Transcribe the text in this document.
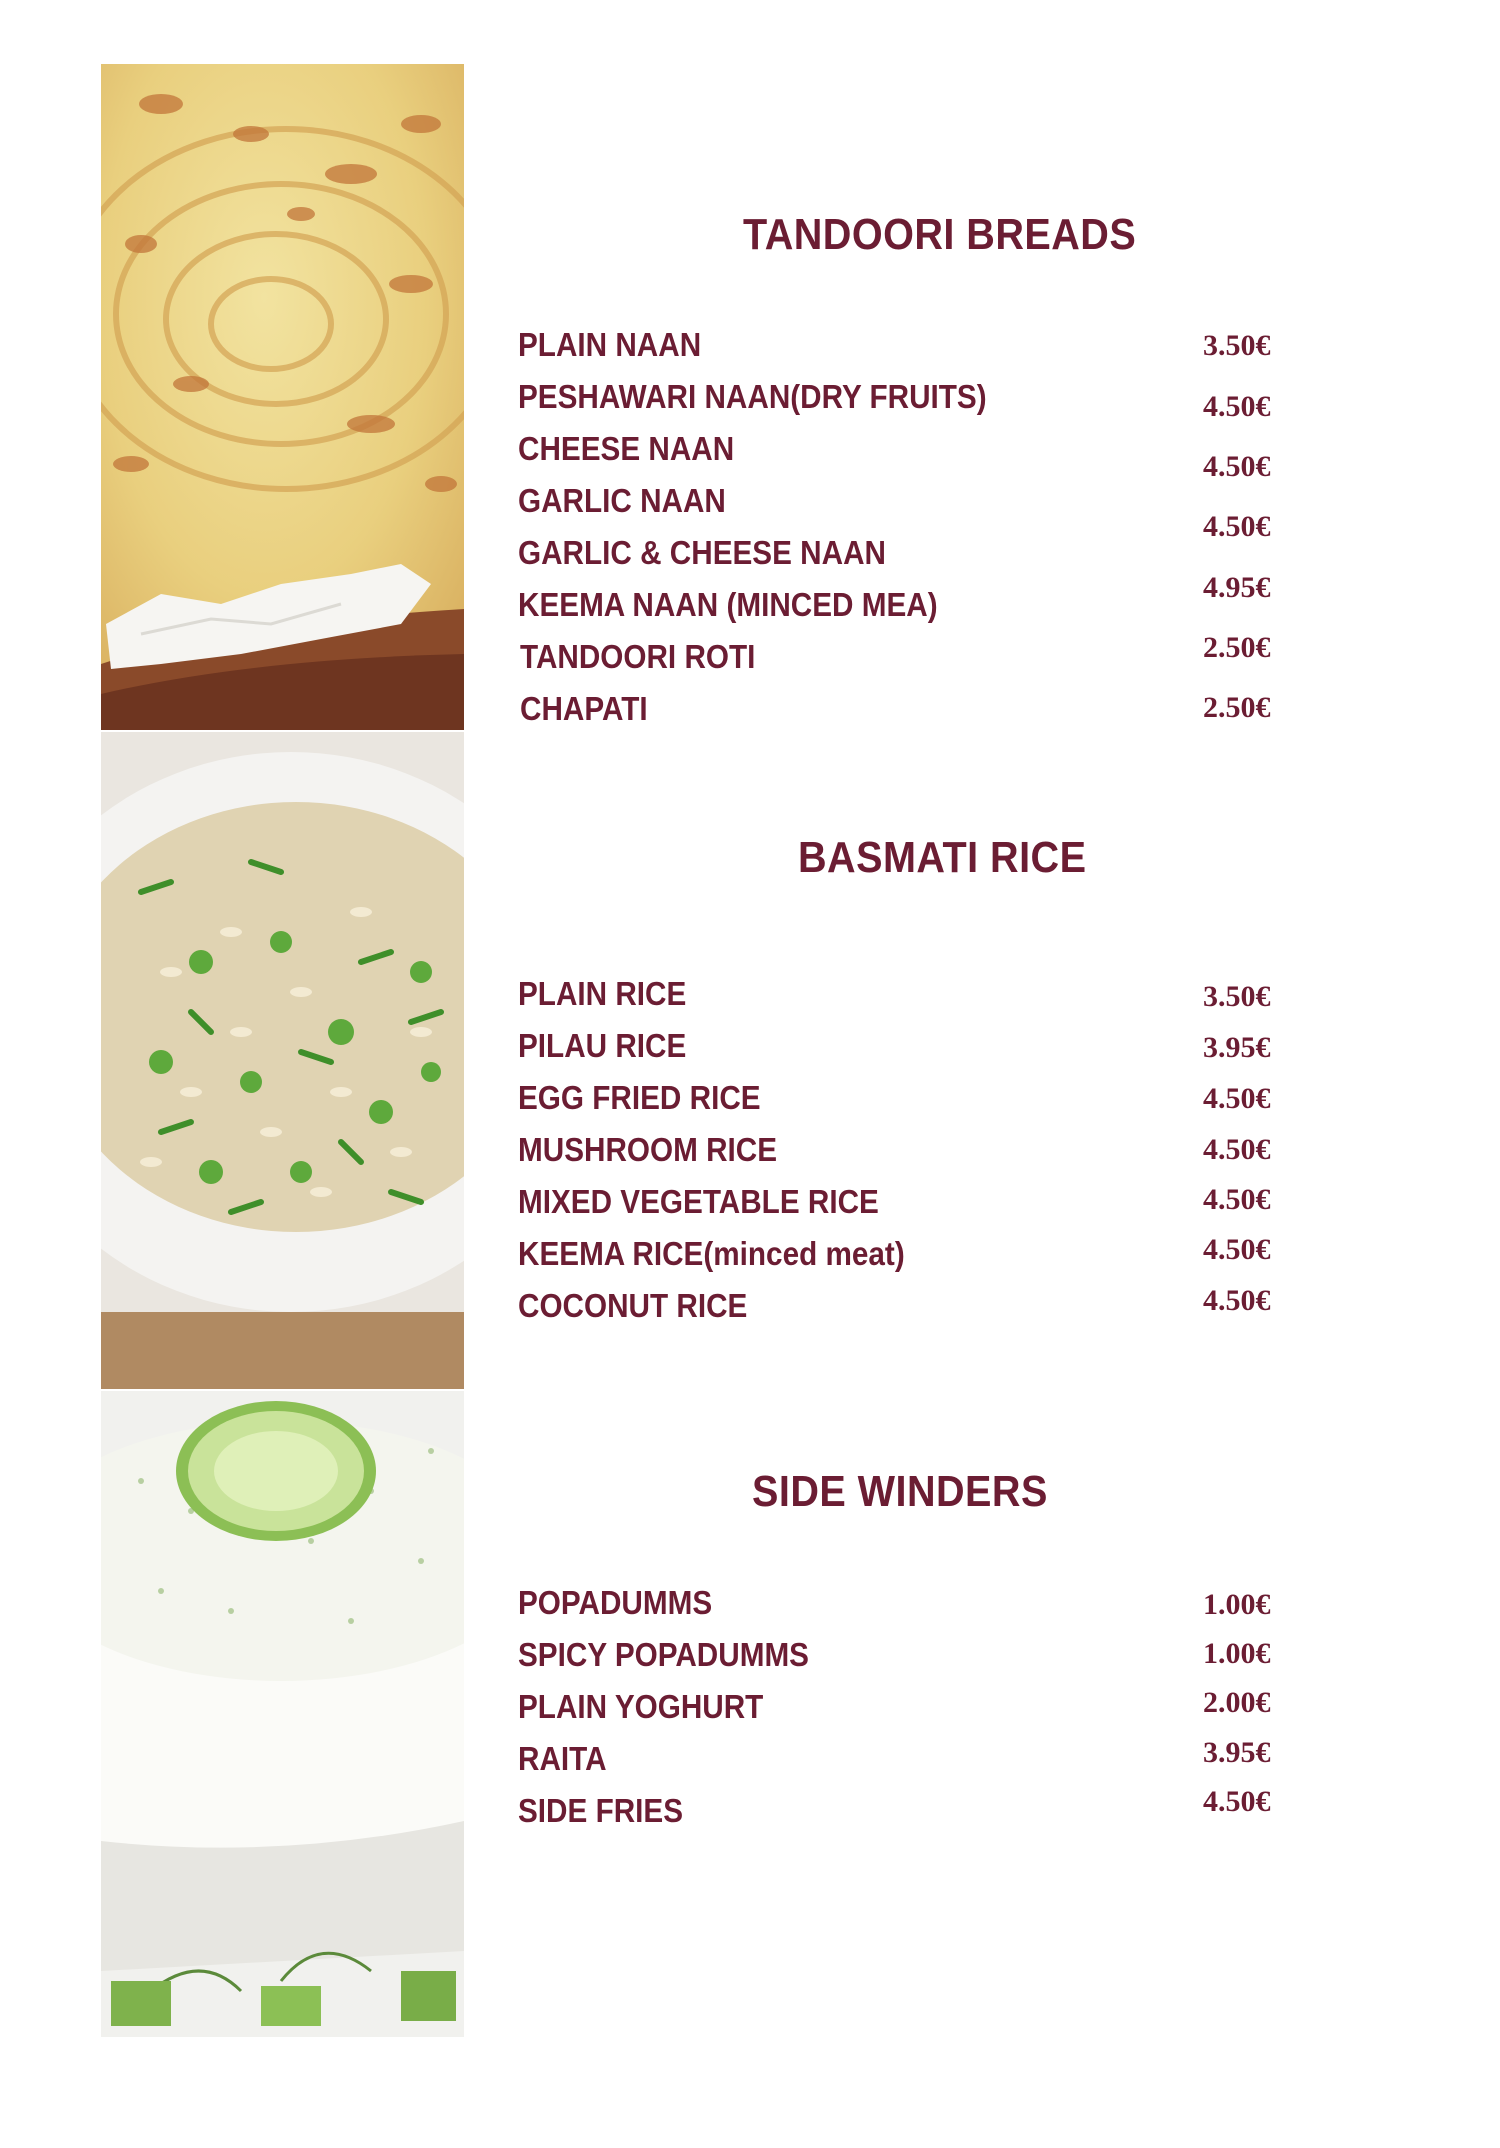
TANDOORI BREADS
PLAIN NAAN
PESHAWARI NAAN(DRY FRUITS)
CHEESE NAAN
GARLIC NAAN
GARLIC & CHEESE NAAN
KEEMA NAAN (MINCED MEA)
TANDOORI ROTI
CHAPATI
3.50€
4.50€
4.50€
4.50€
4.95€
2.50€
2.50€
BASMATI RICE
PLAIN RICE
PILAU RICE
EGG FRIED RICE
MUSHROOM RICE
MIXED VEGETABLE RICE
KEEMA RICE(minced meat)
COCONUT RICE
3.50€
3.95€
4.50€
4.50€
4.50€
4.50€
4.50€
SIDE WINDERS
POPADUMMS
SPICY POPADUMMS
PLAIN YOGHURT
RAITA
SIDE FRIES
1.00€
1.00€
2.00€
3.95€
4.50€
